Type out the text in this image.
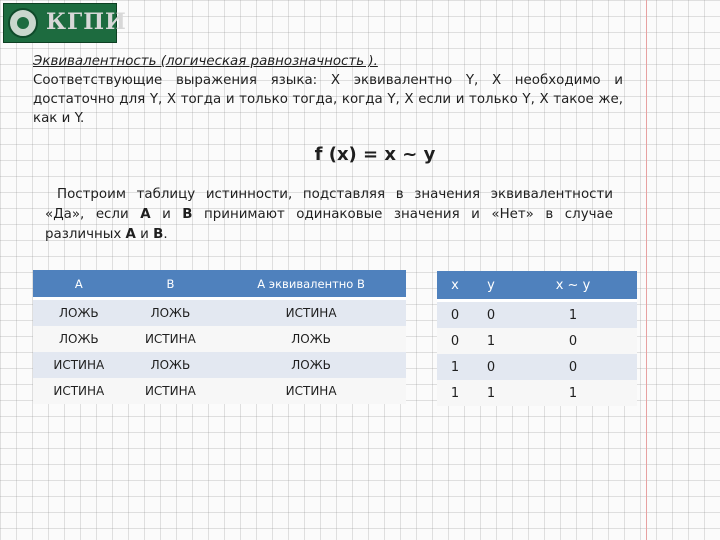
КГПИ
Эквивалентность (логическая равнозначность ).
Соответствующие выражения языка: X эквивалентно Y, X необходимо и достаточно для Y, X тогда и только тогда, когда Y, X если и только Y, X такое же, как и Y.
f (x) = x ~ y
Построим таблицу истинности, подставляя в значения эквивалентности «Да», если А и В принимают одинаковые значения и «Нет» в случае различных А и В.
А	В	А эквивалентно В
ЛОЖЬ	ЛОЖЬ	ИСТИНА
ЛОЖЬ	ИСТИНА	ЛОЖЬ
ИСТИНА	ЛОЖЬ	ЛОЖЬ
ИСТИНА	ИСТИНА	ИСТИНА
x	y	x ~ y
0	0	1
0	1	0
1	0	0
1	1	1
